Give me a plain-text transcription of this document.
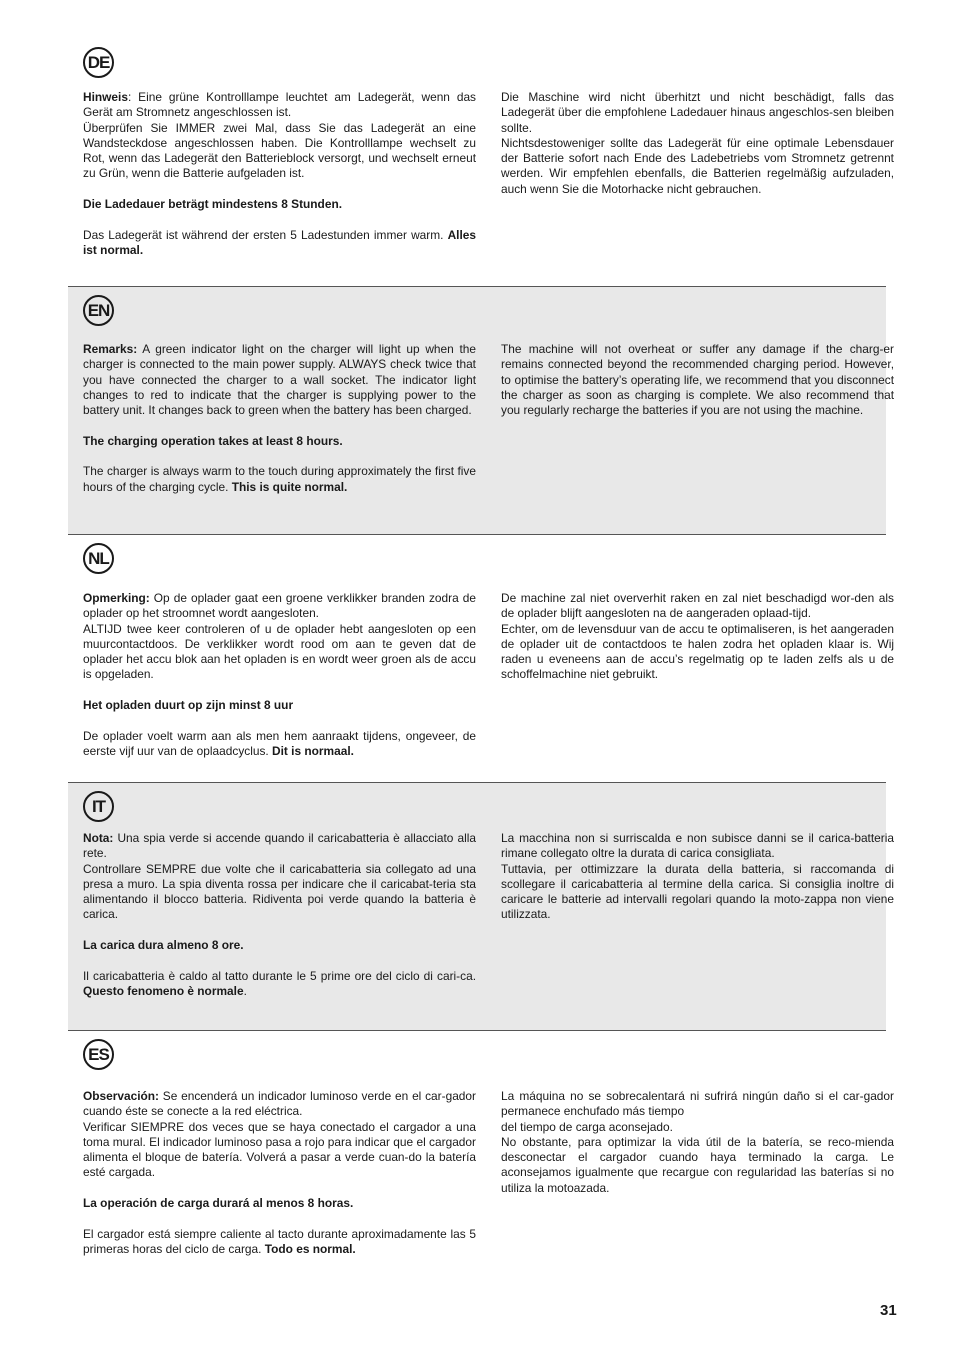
DE

Hinweis: Eine grüne Kontrolllampe leuchtet am Ladegerät, wenn das Gerät am Stromnetz angeschlossen ist.

Überprüfen Sie IMMER zwei Mal, dass Sie das Ladegerät an eine Wandsteckdose angeschlossen haben. Die Kontrolllampe wechselt zu Rot, wenn das Ladegerät den Batterieblock versorgt, und wechselt erneut zu Grün, wenn die Batterie aufgeladen ist.

Die Ladedauer beträgt mindestens 8 Stunden.

Das Ladegerät ist während der ersten 5 Ladestunden immer warm. Alles ist normal.

Die Maschine wird nicht überhitzt und nicht beschädigt, falls das Ladegerät über die empfohlene Ladedauer hinaus angeschlos-sen bleiben sollte.

Nichtsdestoweniger sollte das Ladegerät für eine optimale Lebensdauer der Batterie sofort nach Ende des Ladebetriebs vom Stromnetz getrennt werden. Wir empfehlen ebenfalls, die Batterien regelmäßig aufzuladen, auch wenn Sie die Motorhacke nicht gebrauchen.

EN

Remarks: A green indicator light on the charger will light up when the charger is connected to the main power supply. ALWAYS check twice that you have connected the charger to a wall socket. The indicator light changes to red to indicate that the charger is supplying power to the battery unit. It changes back to green when the battery has been charged.

The charging operation takes at least 8 hours.

The charger is always warm to the touch during approximately the first five hours of the charging cycle. This is quite normal.

The machine will not overheat or suffer any damage if the charg-er remains connected beyond the recommended charging period. However, to optimise the battery’s operating life, we recommend that you disconnect the charger as soon as charging is complete. We also recommend that you regularly recharge the batteries if you are not using the machine.

NL

Opmerking: Op de oplader gaat een groene verklikker branden zodra de oplader op het stroomnet wordt aangesloten.

ALTIJD twee keer controleren of u de oplader hebt aangesloten op een muurcontactdoos. De verklikker wordt rood om aan te geven dat de oplader het accu blok aan het opladen is en wordt weer groen als de accu is opgeladen.

Het opladen duurt op zijn minst 8 uur

De oplader voelt warm aan als men hem aanraakt tijdens, ongeveer, de eerste vijf uur van de oplaadcyclus. Dit is normaal.

De machine zal niet oververhit raken en zal niet beschadigd wor-den als de oplader blijft aangesloten na de aangeraden oplaad-tijd.

Echter, om de levensduur van de accu te optimaliseren, is het aangeraden de oplader uit de contactdoos te halen zodra het opladen klaar is. Wij raden u eveneens aan de accu’s regelmatig op te laden zelfs als u de schoffelmachine niet gebruikt.

IT

Nota: Una spia verde si accende quando il caricabatteria è allacciato alla rete.

Controllare SEMPRE due volte che il caricabatteria sia collegato ad una presa a muro. La spia diventa rossa per indicare che il caricabat-teria sta alimentando il blocco batteria. Ridiventa poi verde quando la batteria è carica.

La carica dura almeno 8 ore.

Il caricabatteria è caldo al tatto durante le 5 prime ore del ciclo di cari-ca. Questo fenomeno è normale.

La macchina non si surriscalda e non subisce danni se il carica-batteria rimane collegato oltre la durata di carica consigliata.

Tuttavia, per ottimizzare la durata della batteria, si raccomanda di scollegare il caricabatteria al termine della carica. Si consiglia inoltre di caricare le batterie ad intervalli regolari quando la moto-zappa non viene utilizzata.

ES

Observación: Se encenderá un indicador luminoso verde en el car-gador cuando éste se conecte a la red eléctrica.

Verificar SIEMPRE dos veces que se haya conectado el cargador a una toma mural. El indicador luminoso pasa a rojo para indicar que el cargador alimenta el bloque de batería. Volverá a pasar a verde cuan-do la batería esté cargada.

La operación de carga durará al menos 8 horas.

El cargador está siempre caliente al tacto durante aproximadamente las 5 primeras horas del ciclo de carga. Todo es normal.

La máquina no se sobrecalentará ni sufrirá ningún daño si el car-gador permanece enchufado más tiempo

del tiempo de carga aconsejado.

No obstante, para optimizar la vida útil de la batería, se reco-mienda desconectar el cargador cuando haya terminado la carga. Le aconsejamos igualmente que recargue con regularidad las baterías si no utiliza la motoazada.

31
